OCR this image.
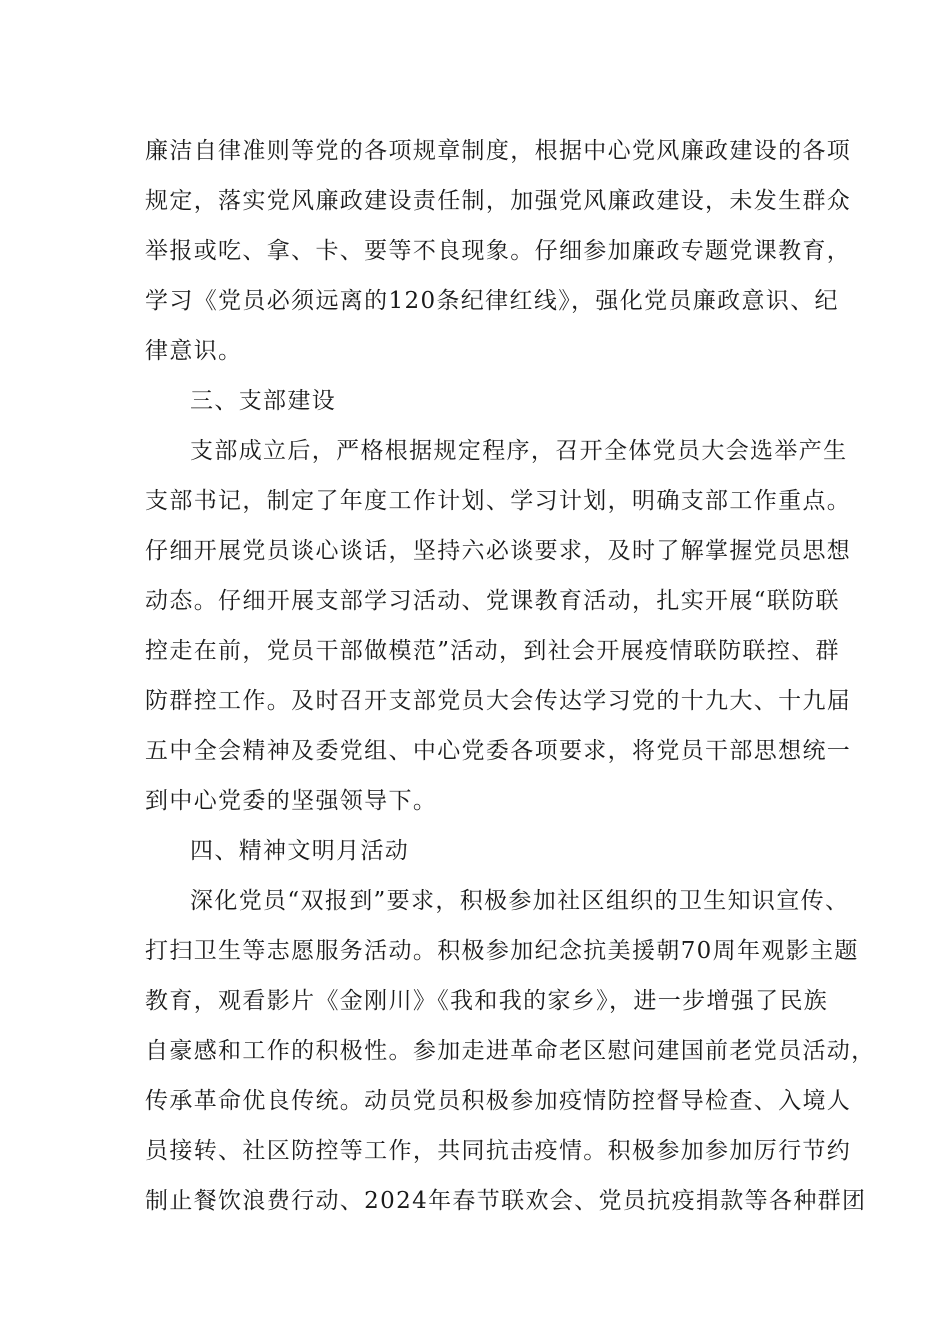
廉洁自律准则等党的各项规章制度，根据中心党风廉政建设的各项
规定，落实党风廉政建设责任制，加强党风廉政建设，未发生群众
举报或吃、拿、卡、要等不良现象。仔细参加廉政专题党课教育，
学习《党员必须远离的120条纪律红线》，强化党员廉政意识、纪
律意识。
三、支部建设
支部成立后，严格根据规定程序，召开全体党员大会选举产生
支部书记，制定了年度工作计划、学习计划，明确支部工作重点。
仔细开展党员谈心谈话，坚持六必谈要求，及时了解掌握党员思想
动态。仔细开展支部学习活动、党课教育活动，扎实开展“联防联
控走在前，党员干部做模范”活动，到社会开展疫情联防联控、群
防群控工作。及时召开支部党员大会传达学习党的十九大、十九届
五中全会精神及委党组、中心党委各项要求，将党员干部思想统一
到中心党委的坚强领导下。
四、精神文明月活动
深化党员“双报到”要求，积极参加社区组织的卫生知识宣传、
打扫卫生等志愿服务活动。积极参加纪念抗美援朝70周年观影主题
教育，观看影片《金刚川》《我和我的家乡》，进一步增强了民族
自豪感和工作的积极性。参加走进革命老区慰问建国前老党员活动，
传承革命优良传统。动员党员积极参加疫情防控督导检查、入境人
员接转、社区防控等工作，共同抗击疫情。积极参加参加厉行节约
制止餐饮浪费行动、2024年春节联欢会、党员抗疫捐款等各种群团
